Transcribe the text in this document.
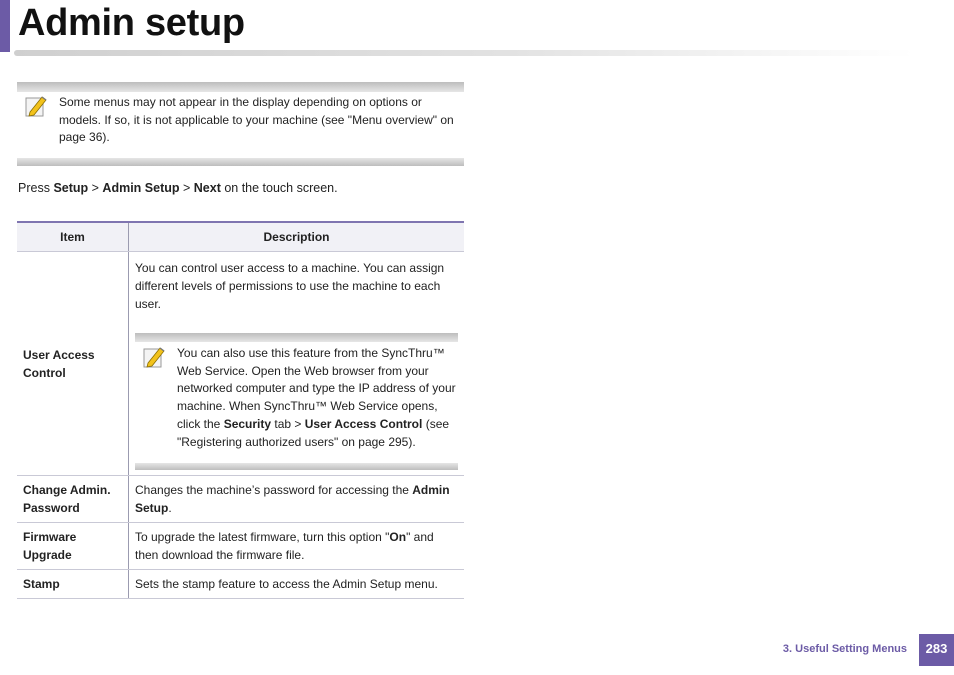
Admin setup
Some menus may not appear in the display depending on options or models. If so, it is not applicable to your machine (see "Menu overview" on page 36).
Press Setup > Admin Setup > Next on the touch screen.
Item	Description
User Access Control	You can control user access to a machine. You can assign different levels of permissions to use the machine to each user.

You can also use this feature from the SyncThru™ Web Service. Open the Web browser from your networked computer and type the IP address of your machine. When SyncThru™ Web Service opens, click the Security tab > User Access Control (see "Registering authorized users" on page 295).

Change Admin. Password	Changes the machine’s password for accessing the Admin Setup.
Firmware Upgrade	To upgrade the latest firmware, turn this option "On" and then download the firmware file.
Stamp	Sets the stamp feature to access the Admin Setup menu.
3. Useful Setting Menus	283
